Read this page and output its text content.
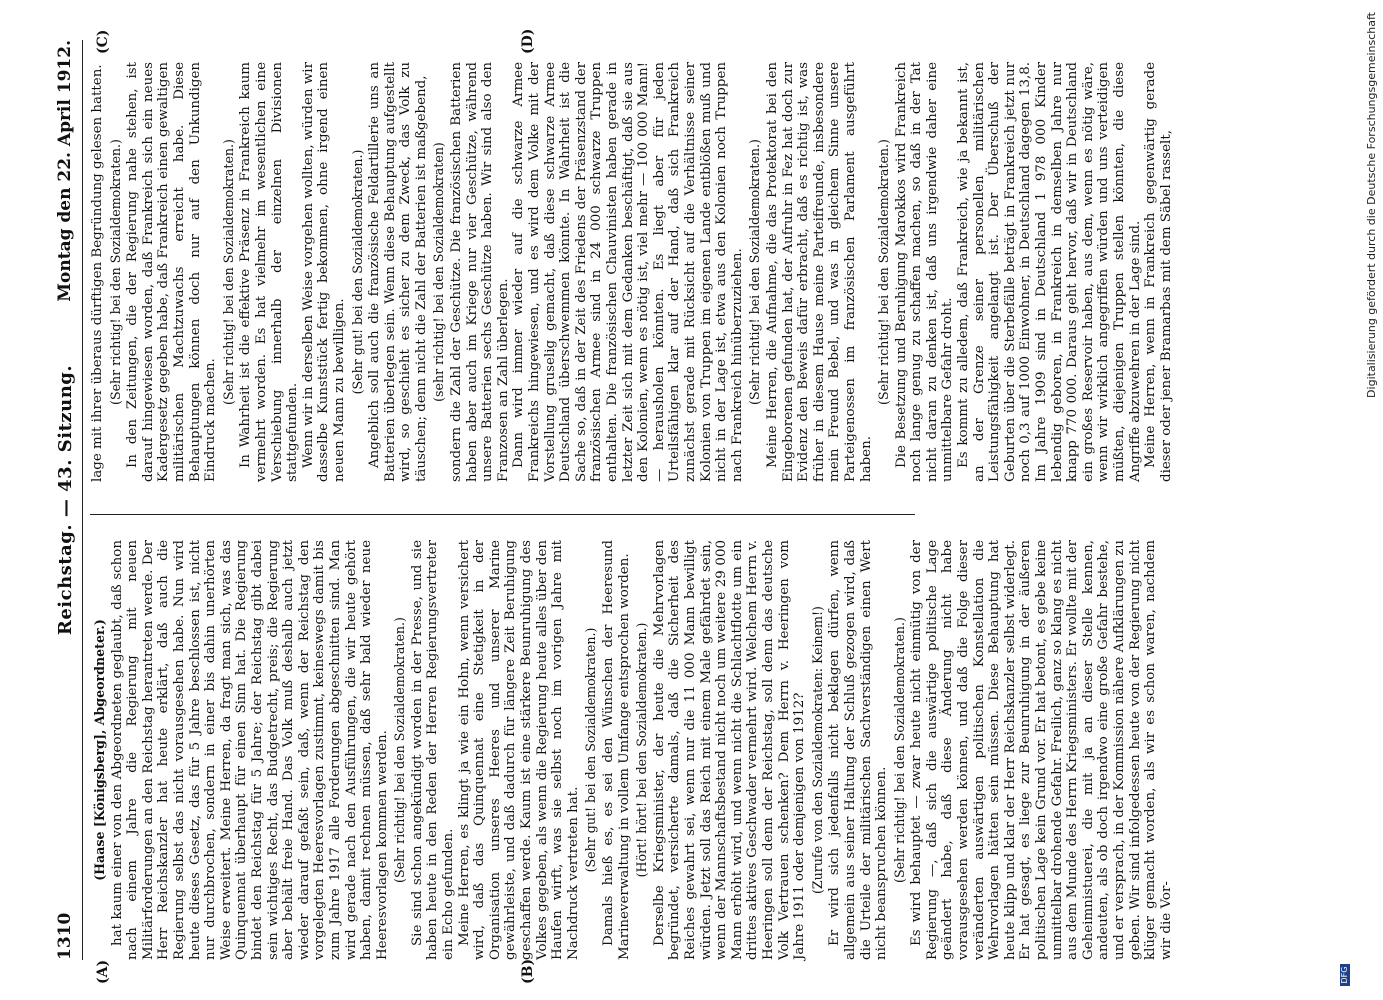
1310
Reichstag. — 43. Sitzung.
Montag den 22. April 1912.
(A)	(B)
(C)	(D)

(Haase [Königsberg], Abgeordneter.) hat kaum einer von den Abgeordneten geglaubt, daß schon nach einem Jahre die Regierung mit neuen Militärforderungen an den Reichstag herantreten werde. Der Herr Reichskanzler hat heute erklärt, daß auch die Regierung selbst das nicht vorausgesehen habe. Nun wird heute dieses Gesetz, das für 5 Jahre beschlossen ist, nicht nur durchbrochen, sondern in einer bis dahin unerhörten Weise erweitert. Meine Herren, da fragt man sich, was das Quinquennat überhaupt für einen Sinn hat. Die Regierung bindet den Reichstag für 5 Jahre; der Reichstag gibt dabei sein wichtiges Recht, das Budgetrecht, preis; die Regierung aber behält freie Hand. Das Volk muß deshalb auch jetzt wieder darauf gefaßt sein, daß, wenn der Reichstag den vorgelegten Heeresvorlagen zustimmt, keineswegs damit bis zum Jahre 1917 alle Forderungen abgeschnitten sind. Man wird gerade nach den Ausführungen, die wir heute gehört haben, damit rechnen müssen, daß sehr bald wieder neue Heeresvorlagen kommen werden. (Sehr richtig! bei den Sozialdemokraten.) Sie sind schon angekündigt worden in der Presse, und sie haben heute in den Reden der Herren Regierungsvertreter ein Echo gefunden. Meine Herren, es klingt ja wie ein Hohn, wenn versichert wird, daß das Quinquennat eine Stetigkeit in der Organisation unseres Heeres und unserer Marine gewährleiste, und daß dadurch für längere Zeit Beruhigung geschaffen werde. Kaum ist eine stärkere Beunruhigung des Volkes gegeben, als wenn die Regierung heute alles über den Haufen wirft, was sie selbst noch im vorigen Jahre mit Nachdruck vertreten hat.

(Sehr gut! bei den Sozialdemokraten.) Damals hieß es, es sei den Wünschen der Heeresund Marineverwaltung in vollem Umfange entsprochen worden. (Hört! hört! bei den Sozialdemokraten.) Derselbe Kriegsminister, der heute die Mehrvorlagen begründet, versicherte damals, daß die Sicherheit des Reiches gewahrt sei, wenn nur die 11 000 Mann bewilligt würden. Jetzt soll das Reich mit einem Male gefährdet sein, wenn der Mannschaftsbestand nicht noch um weitere 29 000 Mann erhöht wird, und wenn nicht die Schlachtflotte um ein drittes aktives Geschwader vermehrt wird. Welchem Herrn v. Heeringen soll denn der Reichstag, soll denn das deutsche Volk Vertrauen schenken? Dem Herrn v. Heeringen vom Jahre 1911 oder demjenigen von 1912? (Zurufe von den Sozialdemokraten: Keinem!) Er wird sich jedenfalls nicht beklagen dürfen, wenn allgemein aus seiner Haltung der Schluß gezogen wird, daß die Urteile der militärischen Sachverständigen einen Wert nicht beanspruchen können. (Sehr richtig! bei den Sozialdemokraten.) Es wird behauptet — zwar heute nicht einmütig von der Regierung —, daß sich die auswärtige politische Lage geändert habe, daß diese Änderung nicht habe vorausgesehen werden können, und daß die Folge dieser veränderten auswärtigen politischen Konstellation die Wehrvorlagen hätten sein müssen. Diese Behauptung hat heute klipp und klar der Herr Reichskanzler selbst widerlegt. Er hat gesagt, es liege zur Beunruhigung in der äußeren politischen Lage kein Grund vor. Er hat betont, es gebe keine unmittelbar drohende Gefahr. Freilich, ganz so klang es nicht aus dem Munde des Herrn Kriegsministers. Er wollte mit der Geheimnistuerei, die mit ja an dieser Stelle kennen, andeuten, als ob doch irgendwo eine große Gefahr bestehe, und er versprach, in der Kommission nähere Aufklärungen zu geben. Wir sind infolgedessen heute von der Regierung nicht klüger gemacht worden, als wir es schon waren, nachdem wir die Vor-

lage mit ihrer überaus dürftigen Begründung gelesen hatten. (Sehr richtig! bei den Sozialdemokraten.) In den Zeitungen, die der Regierung nahe stehen, ist darauf hingewiesen worden, daß Frankreich sich ein neues Kadergesetz gegeben habe, daß Frankreich einen gewaltigen militärischen Machtzuwachs erreicht habe. Diese Behauptungen können doch nur auf den Unkundigen Eindruck machen.

(Sehr richtig! bei den Sozialdemokraten.) In Wahrheit ist die effektive Präsenz in Frankreich kaum vermehrt worden. Es hat vielmehr im wesentlichen eine Verschiebung innerhalb der einzelnen Divisionen stattgefunden. Wenn wir in derselben Weise vorgehen wollten, würden wir dasselbe Kunststück fertig bekommen, ohne irgend einen neuen Mann zu bewilligen. (Sehr gut! bei den Sozialdemokraten.) Angeblich soll auch die französische Feldartillerie uns an Batterien überlegen sein. Wenn diese Behauptung aufgestellt wird, so geschieht es sicher zu dem Zweck, das Volk zu täuschen; denn nicht die Zahl der Batterien ist maßgebend, (sehr richtig! bei den Sozialdemokraten) sondern die Zahl der Geschütze. Die französischen Batterien haben aber auch im Kriege nur vier Geschütze, während unsere Batterien sechs Geschütze haben. Wir sind also den Franzosen an Zahl überlegen. Dann wird immer wieder auf die schwarze Armee Frankreichs hingewiesen, und es wird dem Volke mit der Vorstellung gruselig gemacht, daß diese schwarze Armee Deutschland überschwemmen könnte. In Wahrheit ist die Sache so, daß in der Zeit des Friedens der Präsenzstand der französischen Armee sind in 24 000 schwarze Truppen enthalten. Die französischen Chauvinisten haben gerade in letzter Zeit sich mit dem Gedanken beschäftigt, daß sie aus den Kolonien, wenn es nötig ist, viel mehr — 100 000 Mann! — herausholen könnten. Es liegt aber für jeden Urteilsfähigen klar auf der Hand, daß sich Frankreich zunächst gerade mit Rücksicht auf die Verhältnisse seiner Kolonien von Truppen im eigenen Lande entblößen muß und nicht in der Lage ist, etwa aus den Kolonien noch Truppen nach Frankreich hinüberzuziehen. (Sehr richtig! bei den Sozialdemokraten.) Meine Herren, die Aufnahme, die das Protektorat bei den Eingeborenen gefunden hat, der Aufruhr in Fez hat doch zur Evidenz den Beweis dafür erbracht, daß es richtig ist, was früher in diesem Hause meine Parteifreunde, insbesondere mein Freund Bebel, und was in gleichem Sinne unsere Parteigenossen im französischen Parlament ausgeführt haben.

(Sehr richtig! bei den Sozialdemokraten.) Die Besetzung und Beruhigung Marokkos wird Frankreich noch lange genug zu schaffen machen, so daß in der Tat nicht daran zu denken ist, daß uns irgendwie daher eine unmittelbare Gefahr droht. Es kommt zu alledem, daß Frankreich, wie ja bekannt ist, an der Grenze seiner personellen militärischen Leistungsfähigkeit angelangt ist. Der Überschuß der Geburten über die Sterbefälle beträgt in Frankreich jetzt nur noch 0,3 auf 1000 Einwohner, in Deutschland dagegen 13,8. Im Jahre 1909 sind in Deutschland 1 978 000 Kinder lebendig geboren, in Frankreich in demselben Jahre nur knapp 770 000. Daraus geht hervor, daß wir in Deutschland ein großes Reservoir haben, aus dem, wenn es nötig wäre, wenn wir wirklich angegriffen würden und uns verteidigen müßten, diejenigen Truppen stellen könnten, die diese Angriffe abzuwehren in der Lage sind. Meine Herren, wenn in Frankreich gegenwärtig gerade dieser oder jener Bramarbas mit dem Säbel rasselt,

DFG
Digitalisierung gefördert durch die Deutsche Forschungsgemeinschaft
